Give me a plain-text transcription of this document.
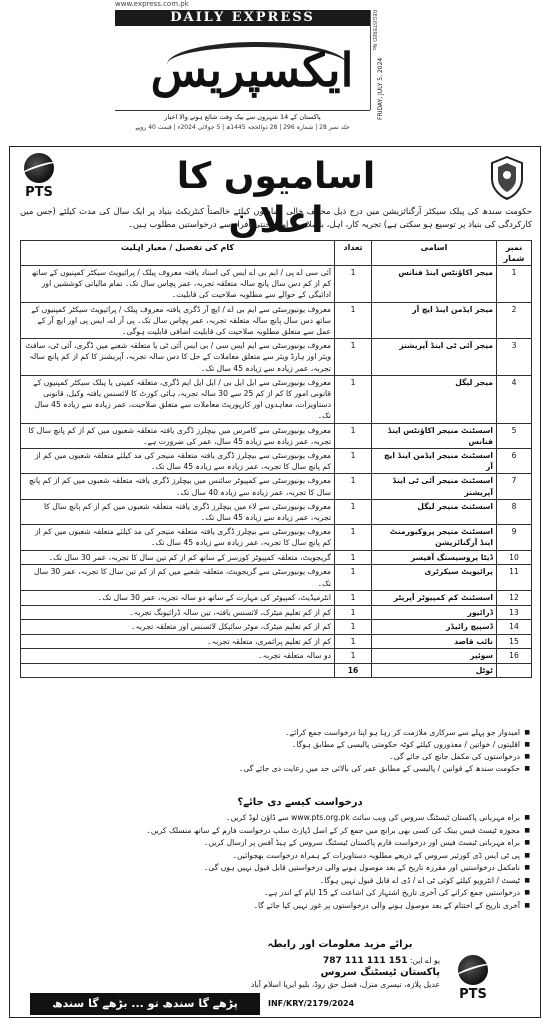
www.express.com.pk
DAILY EXPRESS	REGISTERED No.
ایکسپریس	FRIDAY, JULY 5, 2024
پاکستان کے 14 شہروں سے بیک وقت شائع ہونے والا اخبار
جلد نمبر 28 | شمارہ 296 | 28 ذوالحجہ 1445ھ | 5 جولائی 2024ء | قیمت 40 روپے
PTS	اسامیوں کا اعلان
حکومت سندھ کی پبلک سیکٹر آرگنائزیشن میں درج ذیل مختلف خالی اسامیوں کیلئے خالصتاً کنٹریکٹ بنیاد پر ایک سال کی مدت کیلئے (جس میں کارکردگی کی بنیاد پر توسیع ہو سکتی ہے) تجربہ کار، اہل، باصلاحیت اور محنتی افراد سے درخواستیں مطلوب ہیں۔
نمبر شمار	اسامی	تعداد	کام کی تفصیل / معیار اہلیت
1	میجر اکاؤنٹس اینڈ فنانس	1	آئی سی اے پی / ایم بی اے ایس کی اسناد یافتہ معروف پبلک / پرائیویٹ سیکٹر کمپنیوں کے ساتھ کم از کم دس سال پانچ سالہ متعلقہ تجربہ، عمر پچاس سال تک۔ تمام مالیاتی کوششیں اور ادائیگی کے حوالے سے مطلوبہ صلاحیت کی قابلیت۔
2	میجر ایڈمن اینڈ ایچ آر	1	معروف یونیورسٹی سے ایم بی اے / ایچ آر ڈگری یافتہ معروف پبلک / پرائیویٹ سیکٹر کمپنیوں کے ساتھ دس سال پانچ سالہ متعلقہ تجربہ، عمر پچاس سال تک۔ پی آر اے، ایس پی اور ایچ آر کے عمل سے متعلق مطلوبہ صلاحیت کی قابلیت اضافی قابلیت ہوگی۔
3	میجر آئی ٹی اینڈ آپریشنز	1	معروف یونیورسٹی سے ایم ایس سی / بی ایس آئی ٹی یا متعلقہ شعبے میں ڈگری، آئی ٹی، سافٹ ویئر اور ہارڈ ویئر سے متعلق معاملات کے حل کا دس سالہ تجربہ، آپریشنز کا کم از کم پانچ سالہ تجربہ، عمر زیادہ سے زیادہ 45 سال تک۔
4	میجر لیگل	1	معروف یونیورسٹی سے ایل ایل بی / ایل ایل ایم ڈگری، متعلقہ کمپنی یا پبلک سیکٹر کمپنیوں کے قانونی امور کا کم از کم 25 سے 30 سالہ تجربہ، ہائی کورٹ کا لائسنس یافتہ وکیل، قانونی دستاویزات، معاہدوں اور کارپوریٹ معاملات سے متعلق صلاحیت، عمر زیادہ سے زیادہ 45 سال تک۔
5	اسسٹنٹ منیجر اکاؤنٹس اینڈ فنانس	1	معروف یونیورسٹی سے کامرس میں بیچلرز ڈگری یافتہ متعلقہ شعبوں میں کم از کم پانچ سال کا تجربہ، عمر زیادہ سے زیادہ 45 سال، عمر کی ضرورت ہے۔
6	اسسٹنٹ منیجر ایڈمن اینڈ ایچ آر	1	معروف یونیورسٹی سے بیچلرز ڈگری یافتہ متعلقہ منیجر کی مد کیلئے متعلقہ شعبوں میں کم از کم پانچ سال کا تجربہ، عمر زیادہ سے زیادہ 45 سال تک۔
7	اسسٹنٹ منیجر آئی ٹی اینڈ آپریشنز	1	معروف یونیورسٹی سے کمپیوٹر سائنس میں بیچلرز ڈگری یافتہ متعلقہ شعبوں میں کم از کم پانچ سال کا تجربہ، عمر زیادہ سے زیادہ 40 سال تک۔
8	اسسٹنٹ منیجر لیگل	1	معروف یونیورسٹی سے لاء میں بیچلرز ڈگری یافتہ متعلقہ شعبوں میں کم از کم پانچ سال کا تجربہ، عمر زیادہ سے زیادہ 45 سال تک۔
9	اسسٹنٹ منیجر پروکیورمنٹ اینڈ آرگنائزیشن	1	معروف یونیورسٹی سے بیچلرز ڈگری یافتہ متعلقہ منیجر کی مد کیلئے متعلقہ شعبوں میں کم از کم پانچ سال کا تجربہ، عمر زیادہ سے زیادہ 45 سال تک۔
10	ڈیٹا پروسیسنگ آفیسر	1	گریجویٹ، متعلقہ کمپیوٹر کورسز کے ساتھ کم از کم تین سال کا تجربہ، عمر 30 سال تک۔
11	پرائیویٹ سیکرٹری	1	معروف یونیورسٹی سے گریجویٹ، متعلقہ شعبے میں کم از کم تین سال کا تجربہ، عمر 30 سال تک۔
12	اسسٹنٹ کم کمپیوٹر آپریٹر	1	انٹرمیڈیٹ، کمپیوٹر کی مہارت کے ساتھ دو سالہ تجربہ، عمر 30 سال تک۔
13	ڈرائیور	1	کم از کم تعلیم میٹرک، لائسنس یافتہ، تین سالہ ڈرائیونگ تجربہ۔
14	ڈسپیچ رائیڈر	1	کم از کم تعلیم میٹرک، موٹر سائیکل لائسنس اور متعلقہ تجربہ۔
15	نائب قاصد	1	کم از کم تعلیم پرائمری، متعلقہ تجربہ۔
16	سوئپر	1	دو سالہ متعلقہ تجربہ۔
	ٹوٹل	16	
■ امیدوار جو پہلے سے سرکاری ملازمت کر رہا ہو اپنا درخواست جمع کرائے۔
■ اقلیتوں / خواتین / معذوروں کیلئے کوٹہ حکومتی پالیسی کے مطابق ہوگا۔
■ درخواستوں کی مکمل جانچ کی جائے گی۔
■ حکومت سندھ کے قوانین / پالیسی کے مطابق عمر کی بالائی حد میں رعایت دی جائے گی۔
درخواست کیسے دی جائے؟
■ براہ مہربانی پاکستان ٹیسٹنگ سروس کی ویب سائٹ www.pts.org.pk سے ڈاؤن لوڈ کریں۔
■ مجوزہ ٹیسٹ فیس بینک کی کسی بھی برانچ میں جمع کر کے اصل ڈپازٹ سلپ درخواست فارم کے ساتھ منسلک کریں۔
■ براہ مہربانی ٹیسٹ فیس اور درخواست فارم پاکستان ٹیسٹنگ سروس کے ہیڈ آفس پر ارسال کریں۔
■ پی ٹی ایس ڈی کورئیر سروس کے ذریعے مطلوبہ دستاویزات کے ہمراہ درخواست بھجوائیں۔
■ نامکمل درخواستیں اور مقررہ تاریخ کے بعد موصول ہونے والی درخواستیں قابل قبول نہیں ہوں گی۔
■ ٹیسٹ / انٹرویو کیلئے کوئی ٹی اے / ڈی اے قابل قبول نہیں ہوگا۔
■ درخواستیں جمع کرانے کی آخری تاریخ اشتہار کی اشاعت کے 15 ایام کے اندر ہے۔
■ آخری تاریخ کے اختتام کے بعد موصول ہونے والی درخواستوں پر غور نہیں کیا جائے گا۔
برائے مزید معلومات اور رابطہ
یو اے این: 151 111 111 787
پاکستان ٹیسٹنگ سروس
عدیل پلازہ، تیسری منزل، فضل حق روڈ، بلیو ایریا اسلام آباد
PTS
پڑھے گا سندھ تو ... بڑھے گا سندھ	INF/KRY/2179/2024
